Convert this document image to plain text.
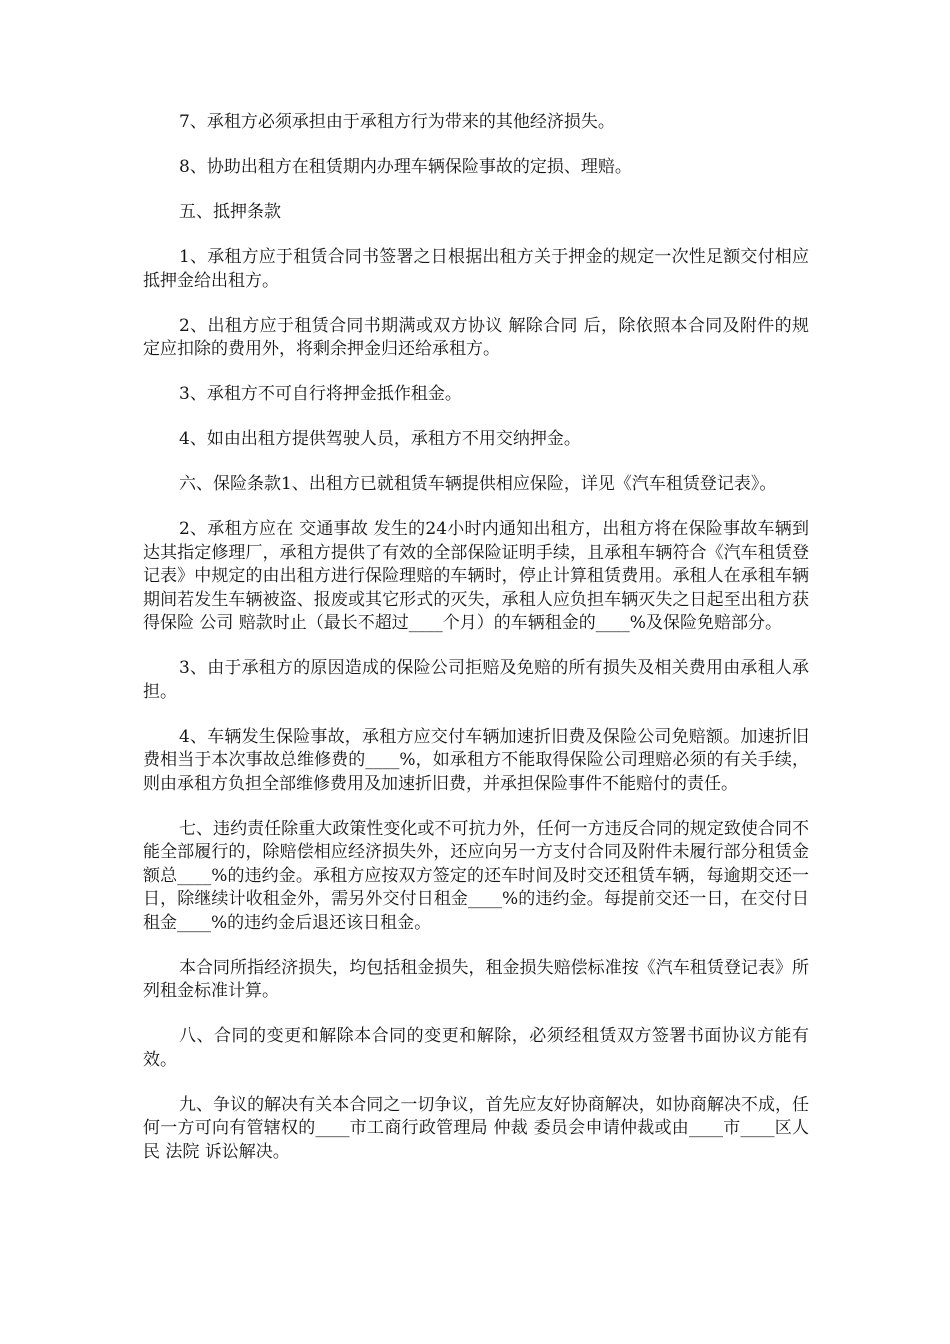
7、承租方必须承担由于承租方行为带来的其他经济损失。

8、协助出租方在租赁期内办理车辆保险事故的定损、理赔。

五、抵押条款

1、承租方应于租赁合同书签署之日根据出租方关于押金的规定一次性足额交付相应抵押金给出租方。

2、出租方应于租赁合同书期满或双方协议 解除合同 后，除依照本合同及附件的规定应扣除的费用外，将剩余押金归还给承租方。

3、承租方不可自行将押金抵作租金。

4、如由出租方提供驾驶人员，承租方不用交纳押金。

六、保险条款1、出租方已就租赁车辆提供相应保险，详见《汽车租赁登记表》。

2、承租方应在 交通事故 发生的24小时内通知出租方，出租方将在保险事故车辆到达其指定修理厂，承租方提供了有效的全部保险证明手续，且承租车辆符合《汽车租赁登记表》中规定的由出租方进行保险理赔的车辆时，停止计算租赁费用。承租人在承租车辆期间若发生车辆被盗、报废或其它形式的灭失，承租人应负担车辆灭失之日起至出租方获得保险 公司 赔款时止（最长不超过____个月）的车辆租金的____%及保险免赔部分。

3、由于承租方的原因造成的保险公司拒赔及免赔的所有损失及相关费用由承租人承担。

4、车辆发生保险事故，承租方应交付车辆加速折旧费及保险公司免赔额。加速折旧费相当于本次事故总维修费的____%，如承租方不能取得保险公司理赔必须的有关手续，则由承租方负担全部维修费用及加速折旧费，并承担保险事件不能赔付的责任。

七、违约责任除重大政策性变化或不可抗力外，任何一方违反合同的规定致使合同不能全部履行的，除赔偿相应经济损失外，还应向另一方支付合同及附件未履行部分租赁金额总____%的违约金。承租方应按双方签定的还车时间及时交还租赁车辆，每逾期交还一日，除继续计收租金外，需另外交付日租金____%的违约金。每提前交还一日，在交付日租金____%的违约金后退还该日租金。

本合同所指经济损失，均包括租金损失，租金损失赔偿标准按《汽车租赁登记表》所列租金标准计算。

八、合同的变更和解除本合同的变更和解除，必须经租赁双方签署书面协议方能有效。

九、争议的解决有关本合同之一切争议，首先应友好协商解决，如协商解决不成，任何一方可向有管辖权的____市工商行政管理局 仲裁 委员会申请仲裁或由____市____区人民 法院 诉讼解决。
